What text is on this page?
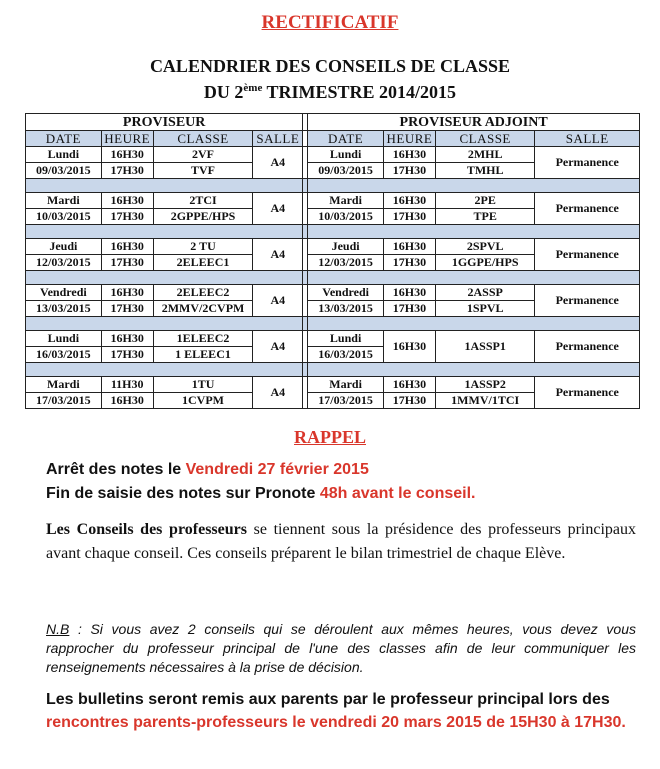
RECTIFICATIF
CALENDRIER DES CONSEILS DE CLASSE
DU 2ème TRIMESTRE 2014/2015
PROVISEUR					PROVISEUR ADJOINT			
DATE	HEURE	CLASSE	SALLE		DATE	HEURE	CLASSE	SALLE
Lundi	16H30	2VF	A4		Lundi	16H30	2MHL	Permanence
09/03/2015	17H30	TVF			09/03/2015	17H30	TMHL	

Mardi	16H30	2TCI	A4		Mardi	16H30	2PE	Permanence
10/03/2015	17H30	2GPPE/HPS			10/03/2015	17H30	TPE	

Jeudi	16H30	2 TU	A4		Jeudi	16H30	2SPVL	Permanence
12/03/2015	17H30	2ELEEC1			12/03/2015	17H30	1GGPE/HPS	

Vendredi	16H30	2ELEEC2	A4		Vendredi	16H30	2ASSP	Permanence
13/03/2015	17H30	2MMV/2CVPM			13/03/2015	17H30	1SPVL	

Lundi	16H30	1ELEEC2	A4		Lundi	16H30	1ASSP1	Permanence
16/03/2015	17H30	1 ELEEC1			16/03/2015			

Mardi	11H30	1TU	A4		Mardi	16H30	1ASSP2	Permanence
17/03/2015	16H30	1CVPM			17/03/2015	17H30	1MMV/1TCI	
RAPPEL
Arrêt des notes le Vendredi 27 février 2015
Fin de saisie des notes sur Pronote 48h avant le conseil.
Les Conseils des professeurs se tiennent sous la présidence des professeurs principaux avant chaque conseil. Ces conseils préparent le bilan trimestriel de chaque Elève.
N.B : Si vous avez 2 conseils qui se déroulent aux mêmes heures, vous devez vous rapprocher du professeur principal de l'une des classes afin de leur communiquer les renseignements nécessaires à la prise de décision.
Les bulletins seront remis aux parents par le professeur principal lors des rencontres parents-professeurs le vendredi 20 mars 2015 de 15H30 à 17H30.
